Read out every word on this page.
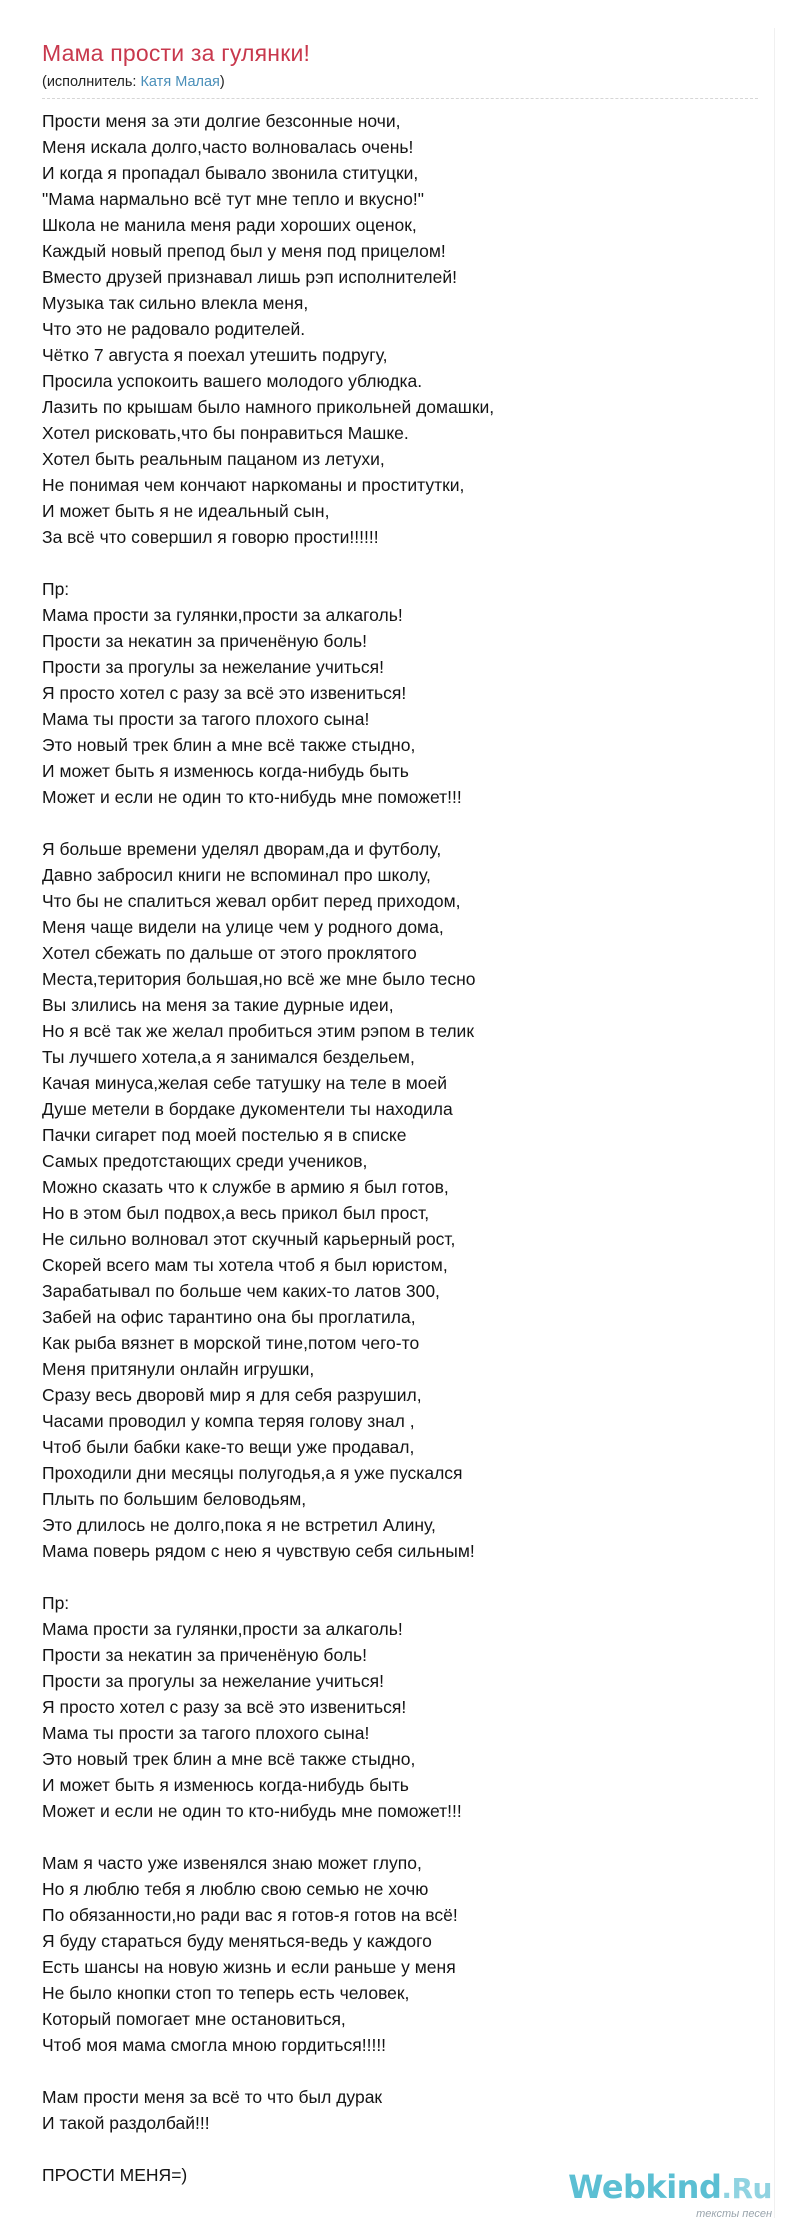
Мама прости за гулянки!
(исполнитель: Катя Малая)
Прости меня за эти долгие безсонные ночи,
Меня искала долго,часто волновалась очень!
И когда я пропадал бывало звонила ституцки,
"Мама нармально всё тут мне тепло и вкусно!"
Школа не манила меня ради хороших оценок,
Каждый новый препод был у меня под прицелом!
Вместо друзей признавал лишь рэп исполнителей!
Музыка так сильно влекла меня,
Что это не радовало родителей.
Чётко 7 августа я поехал утешить подругу,
Просила успокоить вашего молодого ублюдка.
Лазить по крышам было намного прикольней домашки,
Хотел рисковать,что бы понравиться Машке.
Хотел быть реальным пацаном из летухи,
Не понимая чем кончают наркоманы и проститутки,
И может быть я не идеальный сын,
За всё что совершил я говорю прости!!!!!!
Пр:
Мама прости за гулянки,прости за алкаголь!
Прости за некатин за приченёную боль!
Прости за прогулы за нежелание учиться!
Я просто хотел с разу за всё это извениться!
Мама ты прости за тагого плохого сына!
Это новый трек блин а мне всё также стыдно,
И может быть я изменюсь когда-нибудь быть
Может и если не один то кто-нибудь мне поможет!!!
Я больше времени уделял дворам,да и футболу,
Давно забросил книги не вспоминал про школу,
Что бы не спалиться жевал орбит перед приходом,
Меня чаще видели на улице чем у родного дома,
Хотел сбежать по дальше от этого проклятого
Места,територия большая,но всё же мне было тесно
Вы злились на меня за такие дурные идеи,
Но я всё так же желал пробиться этим рэпом в телик
Ты лучшего хотела,а я занимался бездельем,
Качая минуса,желая себе татушку на теле в моей
Душе метели в бордаке дукоментели ты находила
Пачки сигарет под моей постелью я в списке
Самых предотстающих среди учеников,
Можно сказать что к службе в армию я был готов,
Но в этом был подвох,а весь прикол был прост,
Не сильно волновал этот скучный карьерный рост,
Скорей всего мам ты хотела чтоб я был юристом,
Зарабатывал по больше чем каких-то латов 300,
Забей на офис тарантино она бы проглатила,
Как рыба вязнет в морской тине,потом чего-то
Меня притянули онлайн игрушки,
Сразу весь дворовй мир я для себя разрушил,
Часами проводил у компа теряя голову знал ,
Чтоб были бабки каке-то вещи уже продавал,
Проходили дни месяцы полугодья,а я уже пускался
Плыть по большим беловодьям,
Это длилось не долго,пока я не встретил Алину,
Мама поверь рядом с нею я чувствую себя сильным!
Пр:
Мама прости за гулянки,прости за алкаголь!
Прости за некатин за приченёную боль!
Прости за прогулы за нежелание учиться!
Я просто хотел с разу за всё это извениться!
Мама ты прости за тагого плохого сына!
Это новый трек блин а мне всё также стыдно,
И может быть я изменюсь когда-нибудь быть
Может и если не один то кто-нибудь мне поможет!!!
Мам я часто уже извенялся знаю может глупо,
Но я люблю тебя я люблю свою семью не хочю
По обязанности,но ради вас я готов-я готов на всё!
Я буду стараться буду меняться-ведь у каждого
Есть шансы на новую жизнь и если раньше у меня
Не было кнопки стоп то теперь есть человек,
Который помогает мне остановиться,
Чтоб моя мама смогла мною гордиться!!!!!
Мам прости меня за всё то что был дурак
И такой раздолбай!!!
ПРОСТИ МЕНЯ=)	Webkind.Ru
тексты песен
